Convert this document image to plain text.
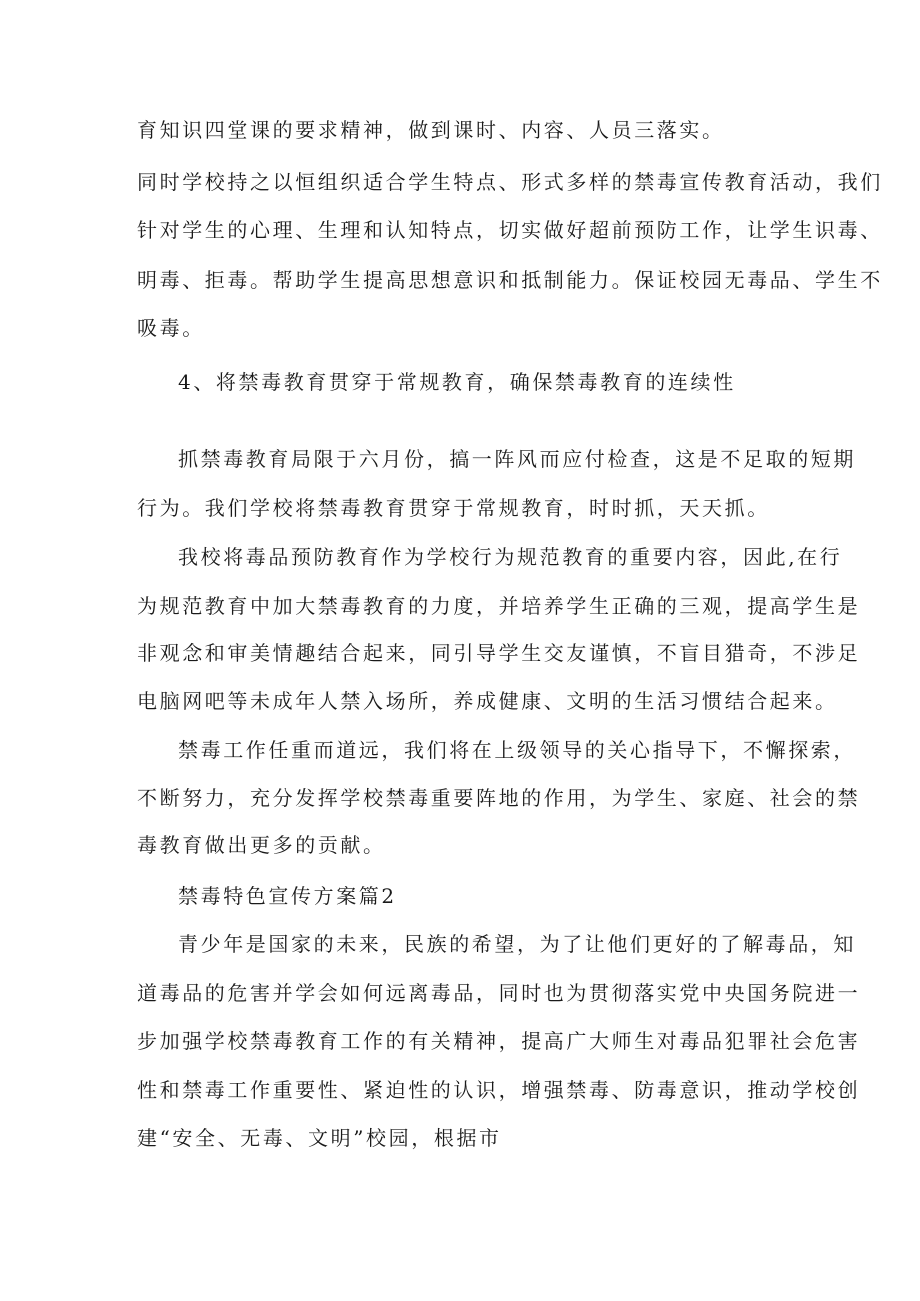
育知识四堂课的要求精神，做到课时、内容、人员三落实。
同时学校持之以恒组织适合学生特点、形式多样的禁毒宣传教育活动，我们
针对学生的心理、生理和认知特点，切实做好超前预防工作，让学生识毒、
明毒、拒毒。帮助学生提高思想意识和抵制能力。保证校园无毒品、学生不
吸毒。
4、将禁毒教育贯穿于常规教育，确保禁毒教育的连续性
抓禁毒教育局限于六月份，搞一阵风而应付检查，这是不足取的短期
行为。我们学校将禁毒教育贯穿于常规教育，时时抓，天天抓。
我校将毒品预防教育作为学校行为规范教育的重要内容，因此,在行
为规范教育中加大禁毒教育的力度，并培养学生正确的三观，提高学生是
非观念和审美情趣结合起来，同引导学生交友谨慎，不盲目猎奇，不涉足
电脑网吧等未成年人禁入场所，养成健康、文明的生活习惯结合起来。
禁毒工作任重而道远，我们将在上级领导的关心指导下，不懈探索，
不断努力，充分发挥学校禁毒重要阵地的作用，为学生、家庭、社会的禁
毒教育做出更多的贡献。
禁毒特色宣传方案篇2
青少年是国家的未来，民族的希望，为了让他们更好的了解毒品，知
道毒品的危害并学会如何远离毒品，同时也为贯彻落实党中央国务院进一
步加强学校禁毒教育工作的有关精神，提高广大师生对毒品犯罪社会危害
性和禁毒工作重要性、紧迫性的认识，增强禁毒、防毒意识，推动学校创
建“安全、无毒、文明”校园，根据市
